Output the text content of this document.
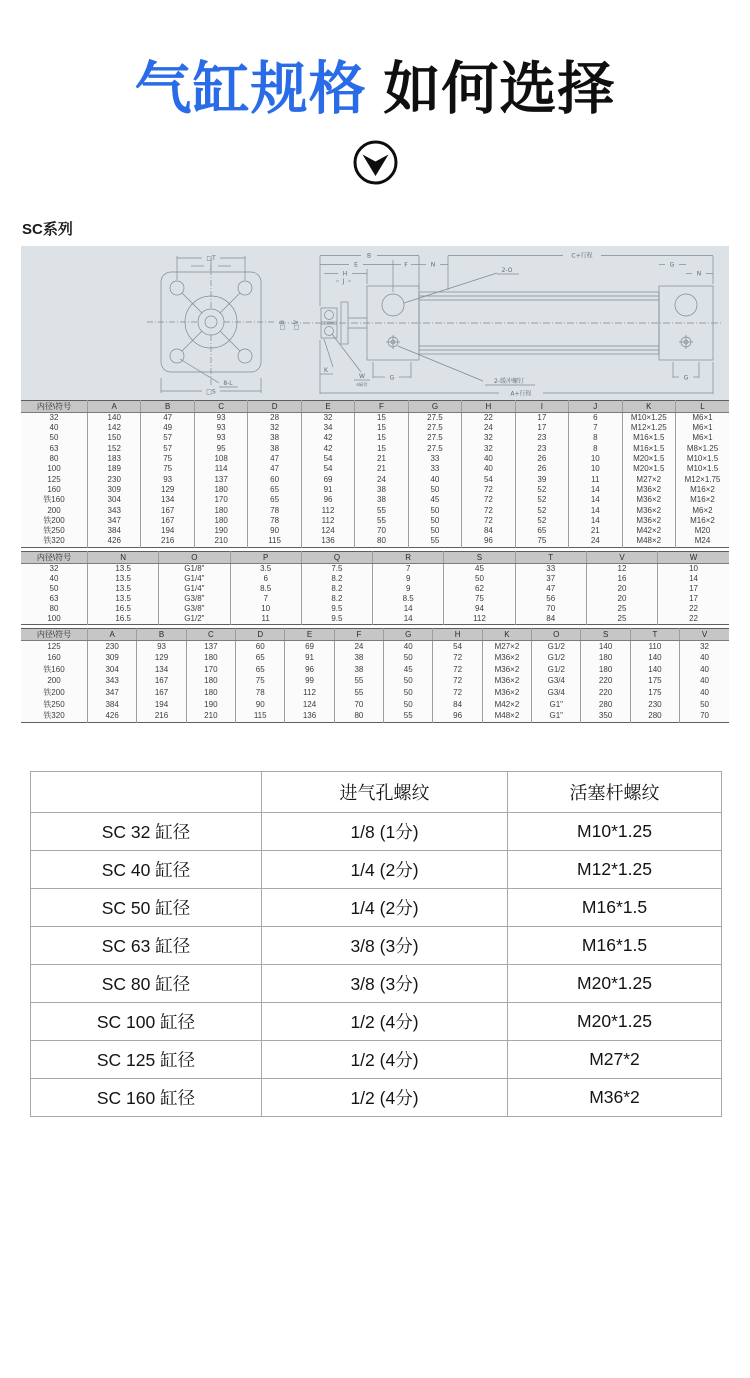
气缸规格 如何选择
SC系列
□T
J
8-L
□S
B	C+行程
E	F	N
H
J
G
N
2-O
G	G
2-缓冲螺钉
A+行程
□B □V
K
W
4扁位
内径\符号	A	B	C	D	E	F	G	H	I	J	K	L
32	140	47	93	28	32	15	27.5	22	17	6	M10×1.25	M6×1
40	142	49	93	32	34	15	27.5	24	17	7	M12×1.25	M6×1
50	150	57	93	38	42	15	27.5	32	23	8	M16×1.5	M6×1
63	152	57	95	38	42	15	27.5	32	23	8	M16×1.5	M8×1.25
80	183	75	108	47	54	21	33	40	26	10	M20×1.5	M10×1.5
100	189	75	114	47	54	21	33	40	26	10	M20×1.5	M10×1.5
125	230	93	137	60	69	24	40	54	39	11	M27×2	M12×1.75
160	309	129	180	65	91	38	50	72	52	14	M36×2	M16×2
铁160	304	134	170	65	96	38	45	72	52	14	M36×2	M16×2
200	343	167	180	78	112	55	50	72	52	14	M36×2	M6×2
铁200	347	167	180	78	112	55	50	72	52	14	M36×2	M16×2
铁250	384	194	190	90	124	70	50	84	65	21	M42×2	M20
铁320	426	216	210	115	136	80	55	96	75	24	M48×2	M24
内径\符号	N	O	P	Q	R	S	T	V	W
32	13.5	G1/8"	3.5	7.5	7	45	33	12	10
40	13.5	G1/4"	6	8.2	9	50	37	16	14
50	13.5	G1/4"	8.5	8.2	9	62	47	20	17
63	13.5	G3/8"	7	8.2	8.5	75	56	20	17
80	16.5	G3/8"	10	9.5	14	94	70	25	22
100	16.5	G1/2"	11	9.5	14	112	84	25	22
内径\符号	A	B	C	D	E	F	G	H	K	O	S	T	V
125	230	93	137	60	69	24	40	54	M27×2	G1/2	140	110	32
160	309	129	180	65	91	38	50	72	M36×2	G1/2	180	140	40
铁160	304	134	170	65	96	38	45	72	M36×2	G1/2	180	140	40
200	343	167	180	75	99	55	50	72	M36×2	G3/4	220	175	40
铁200	347	167	180	78	112	55	50	72	M36×2	G3/4	220	175	40
铁250	384	194	190	90	124	70	50	84	M42×2	G1"	280	230	50
铁320	426	216	210	115	136	80	55	96	M48×2	G1"	350	280	70
	进气孔螺纹	活塞杆螺纹
SC 32 缸径	1/8 (1分)	M10*1.25
SC 40 缸径	1/4 (2分)	M12*1.25
SC 50 缸径	1/4 (2分)	M16*1.5
SC 63 缸径	3/8 (3分)	M16*1.5
SC 80 缸径	3/8 (3分)	M20*1.25
SC 100 缸径	1/2 (4分)	M20*1.25
SC 125 缸径	1/2 (4分)	M27*2
SC 160 缸径	1/2 (4分)	M36*2
